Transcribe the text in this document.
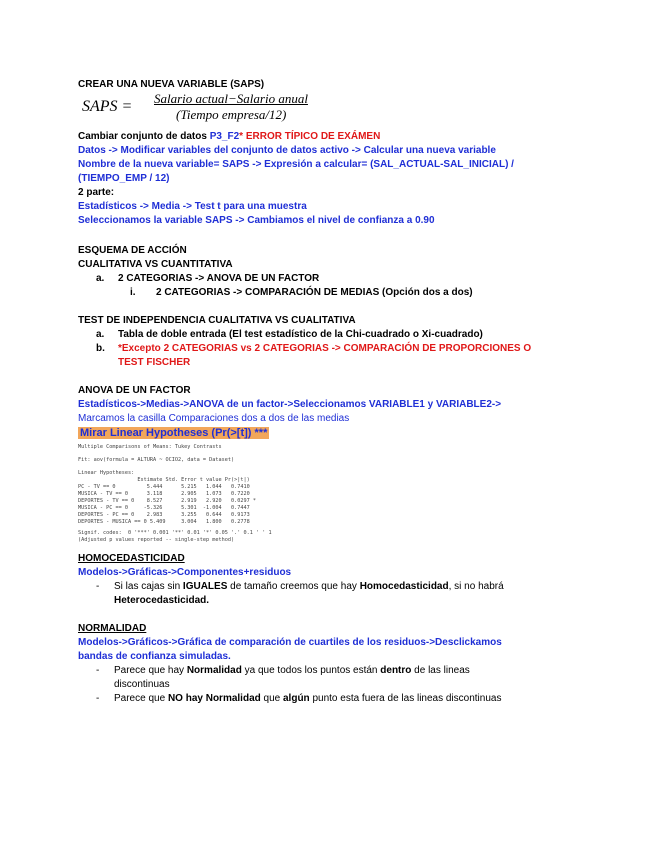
CREAR UNA NUEVA VARIABLE (SAPS)
SAPS = Salario actual−Salario anual
(Tiempo empresa/12)
Cambiar conjunto de datos P3_F2* ERROR TÍPICO DE EXÁMEN
Datos -> Modificar variables del conjunto de datos activo -> Calcular una nueva variable
Nombre de la nueva variable= SAPS -> Expresión a calcular= (SAL_ACTUAL-SAL_INICIAL) /
(TIEMPO_EMP / 12)
2 parte:
Estadísticos -> Media -> Test t para una muestra
Seleccionamos la variable SAPS -> Cambiamos el nivel de confianza a 0.90
ESQUEMA DE ACCIÓN
CUALITATIVA VS CUANTITATIVA
a. 2 CATEGORIAS -> ANOVA DE UN FACTOR
i. 2 CATEGORIAS -> COMPARACIÓN DE MEDIAS (Opción dos a dos)
TEST DE INDEPENDENCIA CUALITATIVA VS CUALITATIVA
a. Tabla de doble entrada (El test estadístico de la Chi-cuadrado o Xi-cuadrado)
b. *Excepto 2 CATEGORIAS vs 2 CATEGORIAS -> COMPARACIÓN DE PROPORCIONES O
TEST FISCHER
ANOVA DE UN FACTOR
Estadísticos->Medias->ANOVA de un factor->Seleccionamos VARIABLE1 y VARIABLE2->
Marcamos la casilla Comparaciones dos a dos de las medias
Mirar Linear Hypotheses (Pr(>[t]) ***
Multiple Comparisons of Means: Tukey Contrasts
Fit: aov(formula = ALTURA ~ OCIO2, data = Dataset)
Linear Hypotheses:
Estimate Std. Error t value Pr(>|t|)
PC - TV == 0          5.444      5.215   1.044   0.7410
MUSICA - TV == 0      3.118      2.905   1.073   0.7220
DEPORTES - TV == 0    8.527      2.919   2.920   0.0297 *
MUSICA - PC == 0     -5.326      5.301  -1.004   0.7447
DEPORTES - PC == 0    2.983      3.255   0.644   0.9173
DEPORTES - MUSICA == 0 5.409     3.004   1.800   0.2778
Signif. codes:  0 '***' 0.001 '**' 0.01 '*' 0.05 '.' 0.1 ' ' 1
(Adjusted p values reported -- single-step method)
HOMOCEDASTICIDAD
Modelos->Gráficas->Componentes+residuos
- Si las cajas sin IGUALES de tamaño creemos que hay Homocedasticidad, si no habrá
Heterocedasticidad.
NORMALIDAD
Modelos->Gráficos->Gráfica de comparación de cuartiles de los residuos->Desclickamos
bandas de confianza simuladas.
- Parece que hay Normalidad ya que todos los puntos están dentro de las lineas
discontinuas
- Parece que NO hay Normalidad que algún punto esta fuera de las lineas discontinuas
